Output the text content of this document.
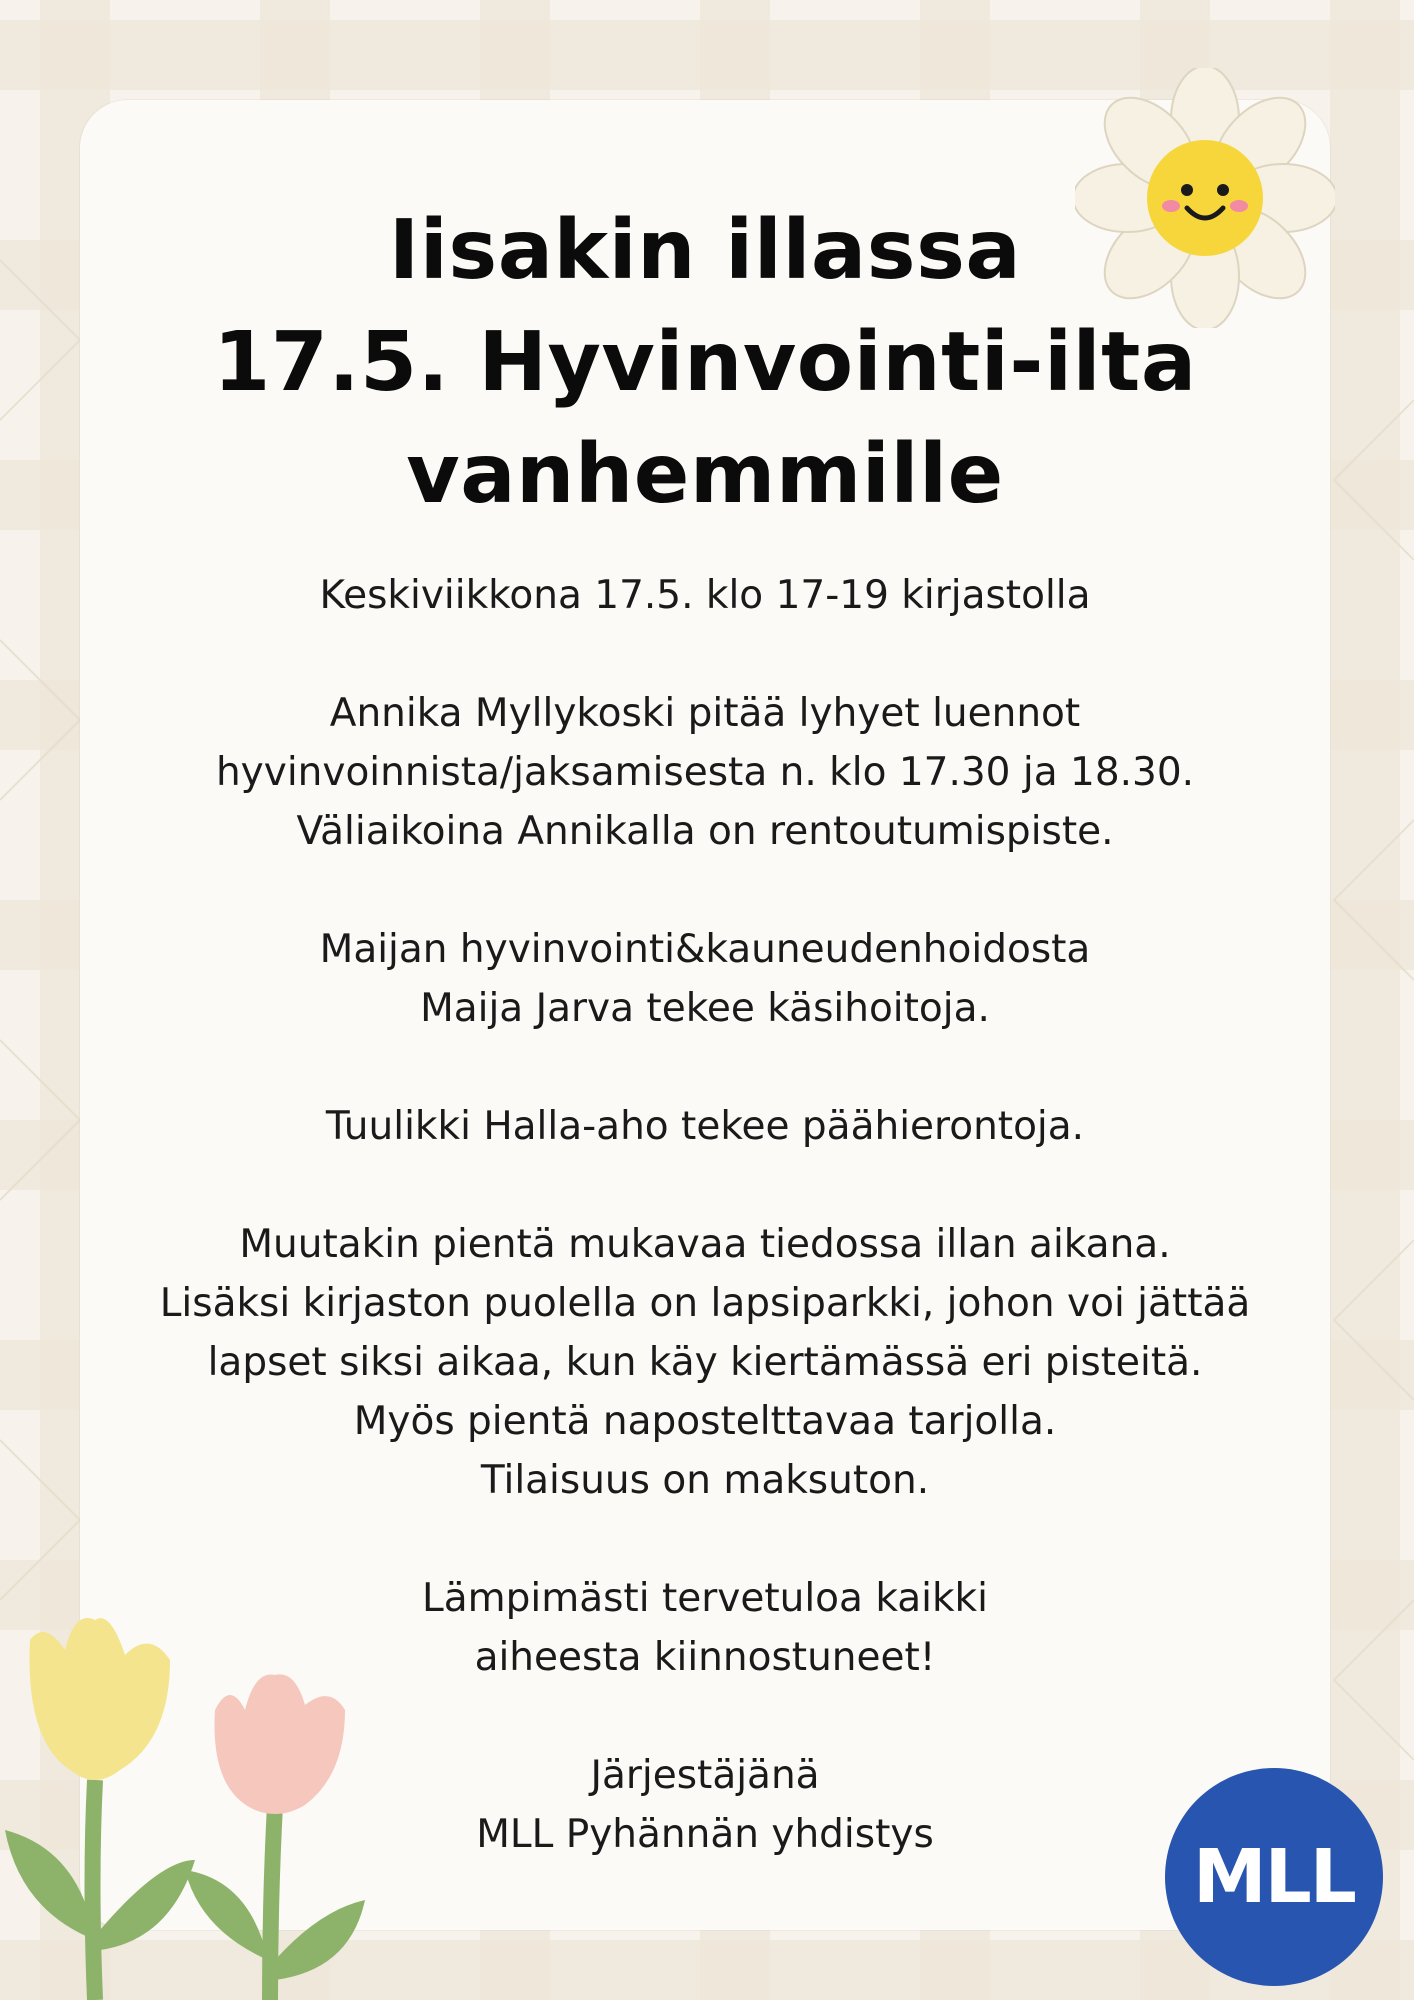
Iisakin illassa
17.5. Hyvinvointi-ilta
vanhemmille
Keskiviikkona 17.5. klo 17-19 kirjastolla
Annika Myllykoski pitää lyhyet luennot
hyvinvoinnista/jaksamisesta n. klo 17.30 ja 18.30.
Väliaikoina Annikalla on rentoutumispiste.
Maijan hyvinvointi&kauneudenhoidosta
Maija Jarva tekee käsihoitoja.
Tuulikki Halla-aho tekee päähierontoja.
Muutakin pientä mukavaa tiedossa illan aikana.
Lisäksi kirjaston puolella on lapsiparkki, johon voi jättää
lapset siksi aikaa, kun käy kiertämässä eri pisteitä.
Myös pientä napostelttavaa tarjolla.
Tilaisuus on maksuton.
Lämpimästi tervetuloa kaikki
aiheesta kiinnostuneet!
Järjestäjänä
MLL Pyhännän yhdistys	MLL
